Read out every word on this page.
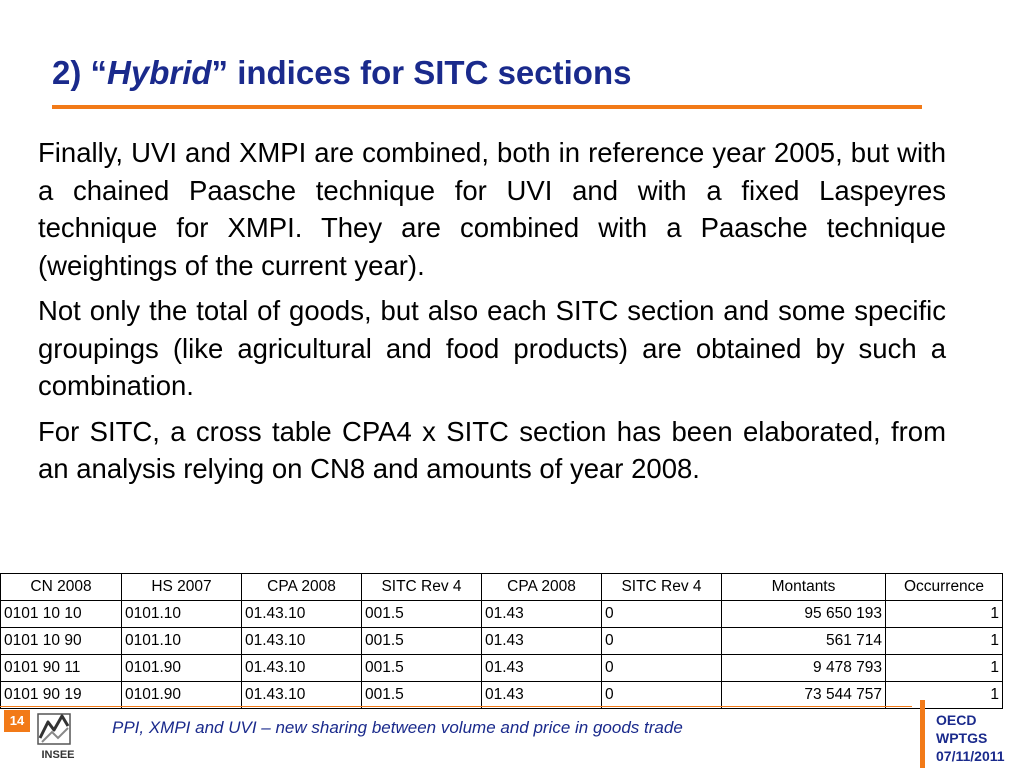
2) “Hybrid” indices for SITC sections

Finally, UVI and XMPI are combined, both in reference year 2005, but with a chained Paasche technique for UVI and with a fixed Laspeyres technique for XMPI. They are combined with a Paasche technique (weightings of the current year).

Not only the total of goods, but also each SITC section and some specific groupings (like agricultural and food products) are obtained by such a combination.

For SITC, a cross table CPA4 x SITC section has been elaborated, from an analysis relying on CN8 and amounts of year 2008.

CN 2008	HS 2007	CPA 2008	SITC Rev 4	CPA 2008	SITC Rev 4	Montants	Occurrence
0101 10 10	0101.10	01.43.10	001.5	01.43	0	95 650 193	1
0101 10 90	0101.10	01.43.10	001.5	01.43	0	561 714	1
0101 90 11	0101.90	01.43.10	001.5	01.43	0	9 478 793	1
0101 90 19	0101.90	01.43.10	001.5	01.43	0	73 544 757	1
14
INSEE
PPI, XMPI and UVI – new sharing between volume and price in goods trade	OECD
WPTGS
07/11/2011
